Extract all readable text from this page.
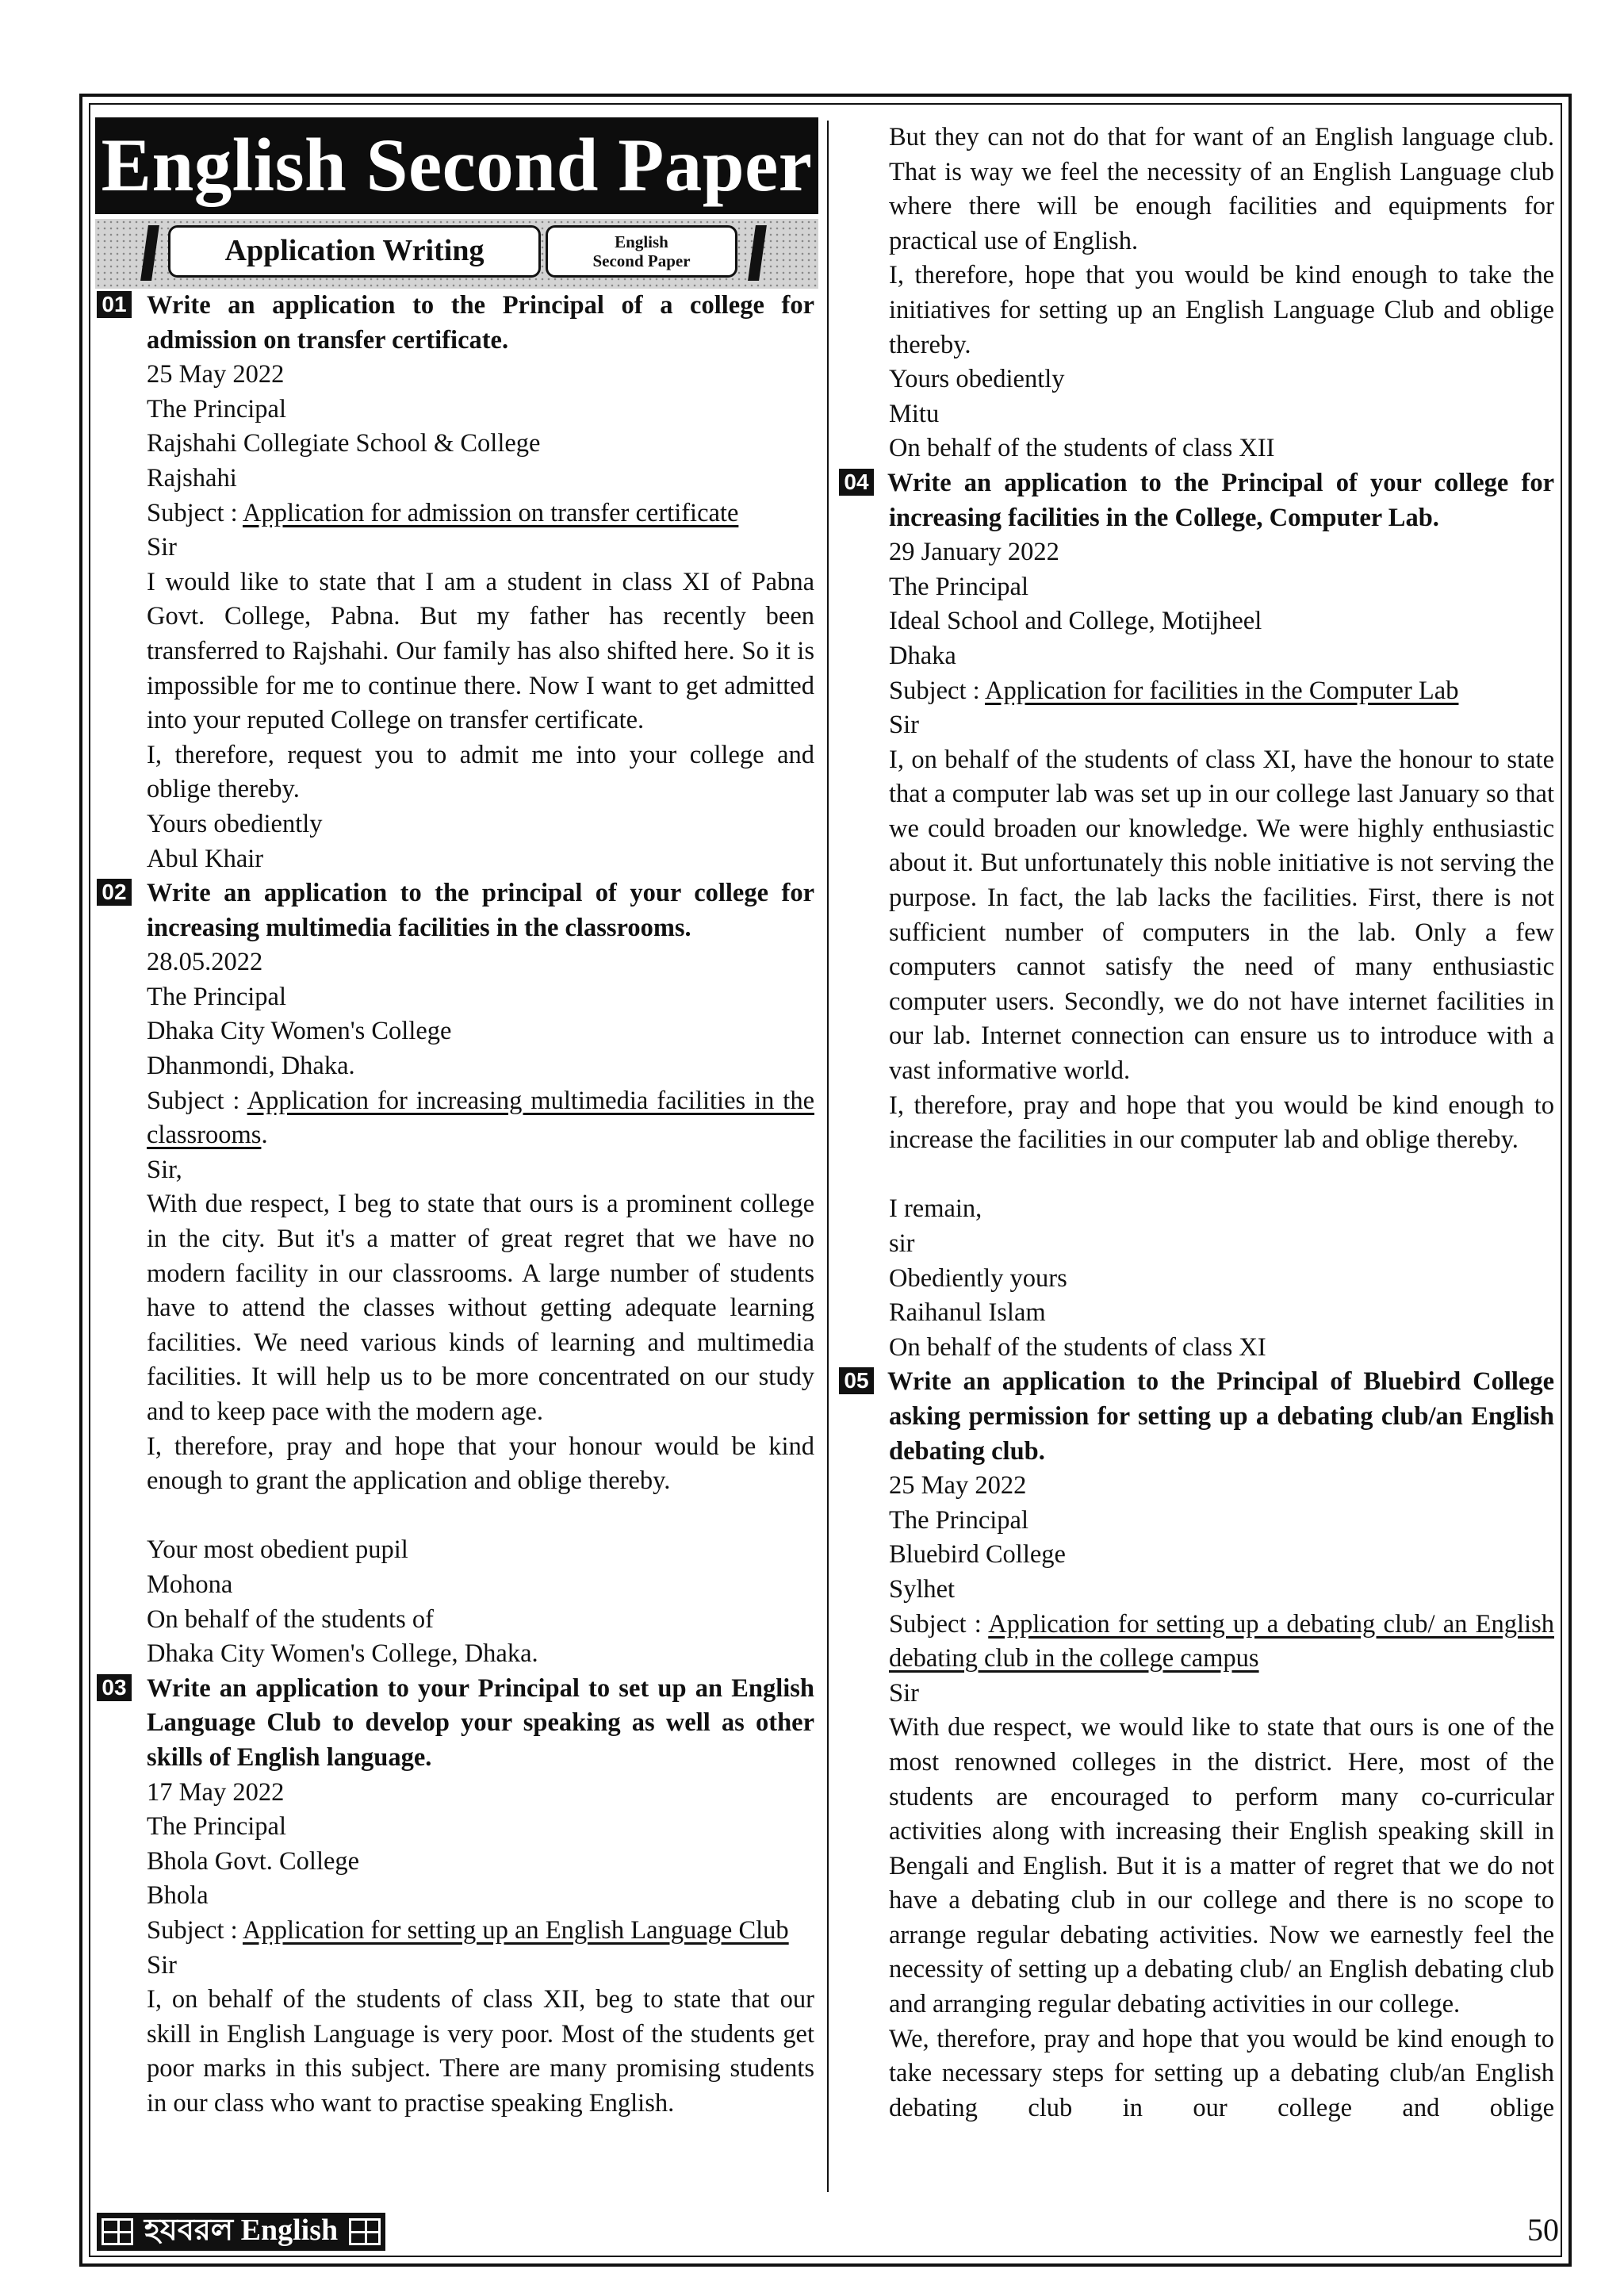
English Second Paper
Application Writing	English
Second Paper

01 Write an application to the Principal of a college for admission on transfer certificate.

25 May 2022

The Principal

Rajshahi Collegiate School & College

Rajshahi

Subject : Application for admission on transfer certificate

Sir

I would like to state that I am a student in class XI of Pabna Govt. College, Pabna. But my father has recently been transferred to Rajshahi. Our family has also shifted here. So it is impossible for me to continue there. Now I want to get admitted into your reputed College on transfer certificate.

I, therefore, request you to admit me into your college and oblige thereby.

Yours obediently

Abul Khair

02 Write an application to the principal of your college for increasing multimedia facilities in the classrooms.

28.05.2022

The Principal

Dhaka City Women's College

Dhanmondi, Dhaka.

Subject : Application for increasing multimedia facilities in the classrooms.

Sir,

With due respect, I beg to state that ours is a prominent college in the city. But it's a matter of great regret that we have no modern facility in our classrooms. A large number of students have to attend the classes without getting adequate learning facilities. We need various kinds of learning and multimedia facilities. It will help us to be more concentrated on our study and to keep pace with the modern age.

I, therefore, pray and hope that your honour would be kind enough to grant the application and oblige thereby.

Your most obedient pupil

Mohona

On behalf of the students of

Dhaka City Women's College, Dhaka.

03 Write an application to your Principal to set up an English Language Club to develop your speaking as well as other skills of English language.

17 May 2022

The Principal

Bhola Govt. College

Bhola

Subject : Application for setting up an English Language Club

Sir

I, on behalf of the students of class XII, beg to state that our skill in English Language is very poor. Most of the students get poor marks in this subject. There are many promising students in our class who want to practise speaking English.

But they can not do that for want of an English language club. That is way we feel the necessity of an English Language club where there will be enough facilities and equipments for practical use of English.

I, therefore, hope that you would be kind enough to take the initiatives for setting up an English Language Club and oblige thereby.

Yours obediently

Mitu

On behalf of the students of class XII

04 Write an application to the Principal of your college for increasing facilities in the College, Computer Lab.

29 January 2022

The Principal

Ideal School and College, Motijheel

Dhaka

Subject : Application for facilities in the Computer Lab

Sir

I, on behalf of the students of class XI, have the honour to state that a computer lab was set up in our college last January so that we could broaden our knowledge. We were highly enthusiastic about it. But unfortunately this noble initiative is not serving the purpose. In fact, the lab lacks the facilities. First, there is not sufficient number of computers in the lab. Only a few computers cannot satisfy the need of many enthusiastic computer users. Secondly, we do not have internet facilities in our lab. Internet connection can ensure us to introduce with a vast informative world.

I, therefore, pray and hope that you would be kind enough to increase the facilities in our computer lab and oblige thereby.

I remain,

sir

Obediently yours

Raihanul Islam

On behalf of the students of class XI

05 Write an application to the Principal of Bluebird College asking permission for setting up a debating club/an English debating club.

25 May 2022

The Principal

Bluebird College

Sylhet

Subject : Application for setting up a debating club/ an English debating club in the college campus

Sir

With due respect, we would like to state that ours is one of the most renowned colleges in the district. Here, most of the students are encouraged to perform many co-curricular activities along with increasing their English speaking skill in Bengali and English. But it is a matter of regret that we do not have a debating club in our college and there is no scope to arrange regular debating activities. Now we earnestly feel the necessity of setting up a debating club/ an English debating club and arranging regular debating activities in our college.

We, therefore, pray and hope that you would be kind enough to take necessary steps for setting up a debating club/an English debating club in our college and oblige

হযবরল English	50
